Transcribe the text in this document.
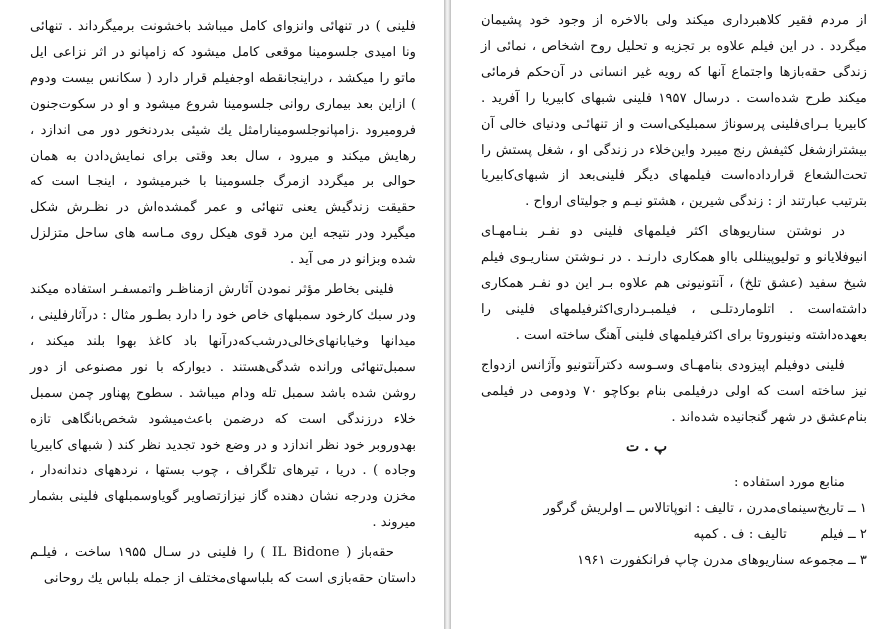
فلینی ) در تنهائی وانزوای کامل میباشد باخشونت برمیگرداند . تنهائی ونا امیدی جلسومینا موقعی کامل میشود که زامپانو در اثر نزاعی ایل ماتو را میکشد ، دراینجانقطه اوجفیلم قرار دارد ( سکانس بیست ودوم ) ازاین بعد بیماری روانی جلسومینا شروع میشود و او در سکوت‌جنون فرومیرود .زامپانوجلسومینارامثل یك شیئی بدردنخور دور می اندازد ، رهایش میکند و میرود ، سال بعد وقتی برای نمایش‌دادن به همان حوالی بر میگردد ازمرگ جلسومینا با خبرمیشود ، اینجـا است که حقیقت زندگیش یعنی تنهائی و عمر گمشده‌اش در نظـرش شکل میگیرد ودر نتیجه این مرد قوی هیکل روی مـاسه های ساحل متزلزل شده وبزانو در می آید .

فلینی بخاطر مؤثر نمودن آثارش ازمناظـر واتمسفـر استفاده میکند ودر سبك کارخود سمبلهای خاص خود را دارد بطـور مثال : درآثارفلینی ، میدانها وخیابانهای‌خالی‌درشب‌که‌درآنها باد کاغذ بهوا بلند میکند ، سمبل‌تنهائی ورانده شدگی‌هستند . دیوارکه با نور مصنوعی از دور روشن شده باشد سمبل تله ودام میباشد . سطوح پهناور چمن سمبل خلاء درزندگی است که درضمن باعث‌میشود شخص‌بانگاهی تازه بهدوروبر خود نظر اندازد و در وضع خود تجدید نظر کند ( شبهای کابیریا وجاده ) . دریا ، تیرهای تلگراف ، چوب بستها ، نردههای دندانه‌دار ، مخزن ودرجه نشان دهنده گاز نیزازتصاویر گویاوسمبلهای فلینی بشمار میروند .

حقه‌باز ( IL Bidone ) را فلینی در سـال ۱۹۵۵ ساخت ، فیلـم داستان حقه‌بازی است که بلباسهای‌مختلف از جمله بلباس یك روحانی

از مردم فقیر کلاهبرداری میکند ولی بالاخره از وجود خود پشیمان میگردد . در این فیلم علاوه بر تجزیه و تحلیل روح اشخاص ، نمائی از زندگی حقه‌بازها واجتماع آنها که رویه غیر انسانی در آن‌حکم فرمائی میکند طرح شده‌است . درسال ۱۹۵۷ فلینی شبهای کابیریا را آفرید . کابیریا بـرای‌فلینی پرسوناژ سمبلیکی‌است و از تنهائـی ودنیای خالی آن بیشتر‌ازشغل کثیفش رنج میبرد واین‌خلاء در زندگی او ، شغل پستش را تحت‌الشعاع قرارداده‌است فیلمهای دیگر فلینی‌بعد از شبهای‌کابیریا بترتیب عبارتند از : زندگی شیرین ، هشتو نیـم و جولیتای ارواح .

در نوشتن سناریوهای اکثر فیلمهای فلینی دو نفـر بنـامهـای انیوفلایانو و تولیوپینللی بااو همکاری دارنـد . در نـوشتن سناریـوی فیلم شیخ سفید (عشق تلخ) ، آنتونیونی هم علاوه بـر این دو نفـر همکاری داشته‌است . اتلوماردتلـی ، فیلمبـرداری‌اکثرفیلمهای فلینی را بعهده‌داشته ونینوروتا برای اکثرفیلمهای فلینی آهنگ ساخته است .

فلینی دوفیلم اپیزودی بنامهـای وسـوسه دکترآنتونیو وآژانس ازدواج نیز ساخته است که اولی درفیلمی بنام بوکاچو ۷۰ ودومی در فیلمی بنام‌عشق در شهر گنجانیده شده‌اند .

پ . ت

منابع مورد استفاده :

۱ ــ تاریخ‌سینمای‌مدرن ، تالیف : انوپاتالاس ــ اولریش گرگور

۲ ــ فیلم        تالیف : ف . کمپه

۳ ــ مجموعه سناریوهای مدرن چاپ فرانکفورت ۱۹۶۱
